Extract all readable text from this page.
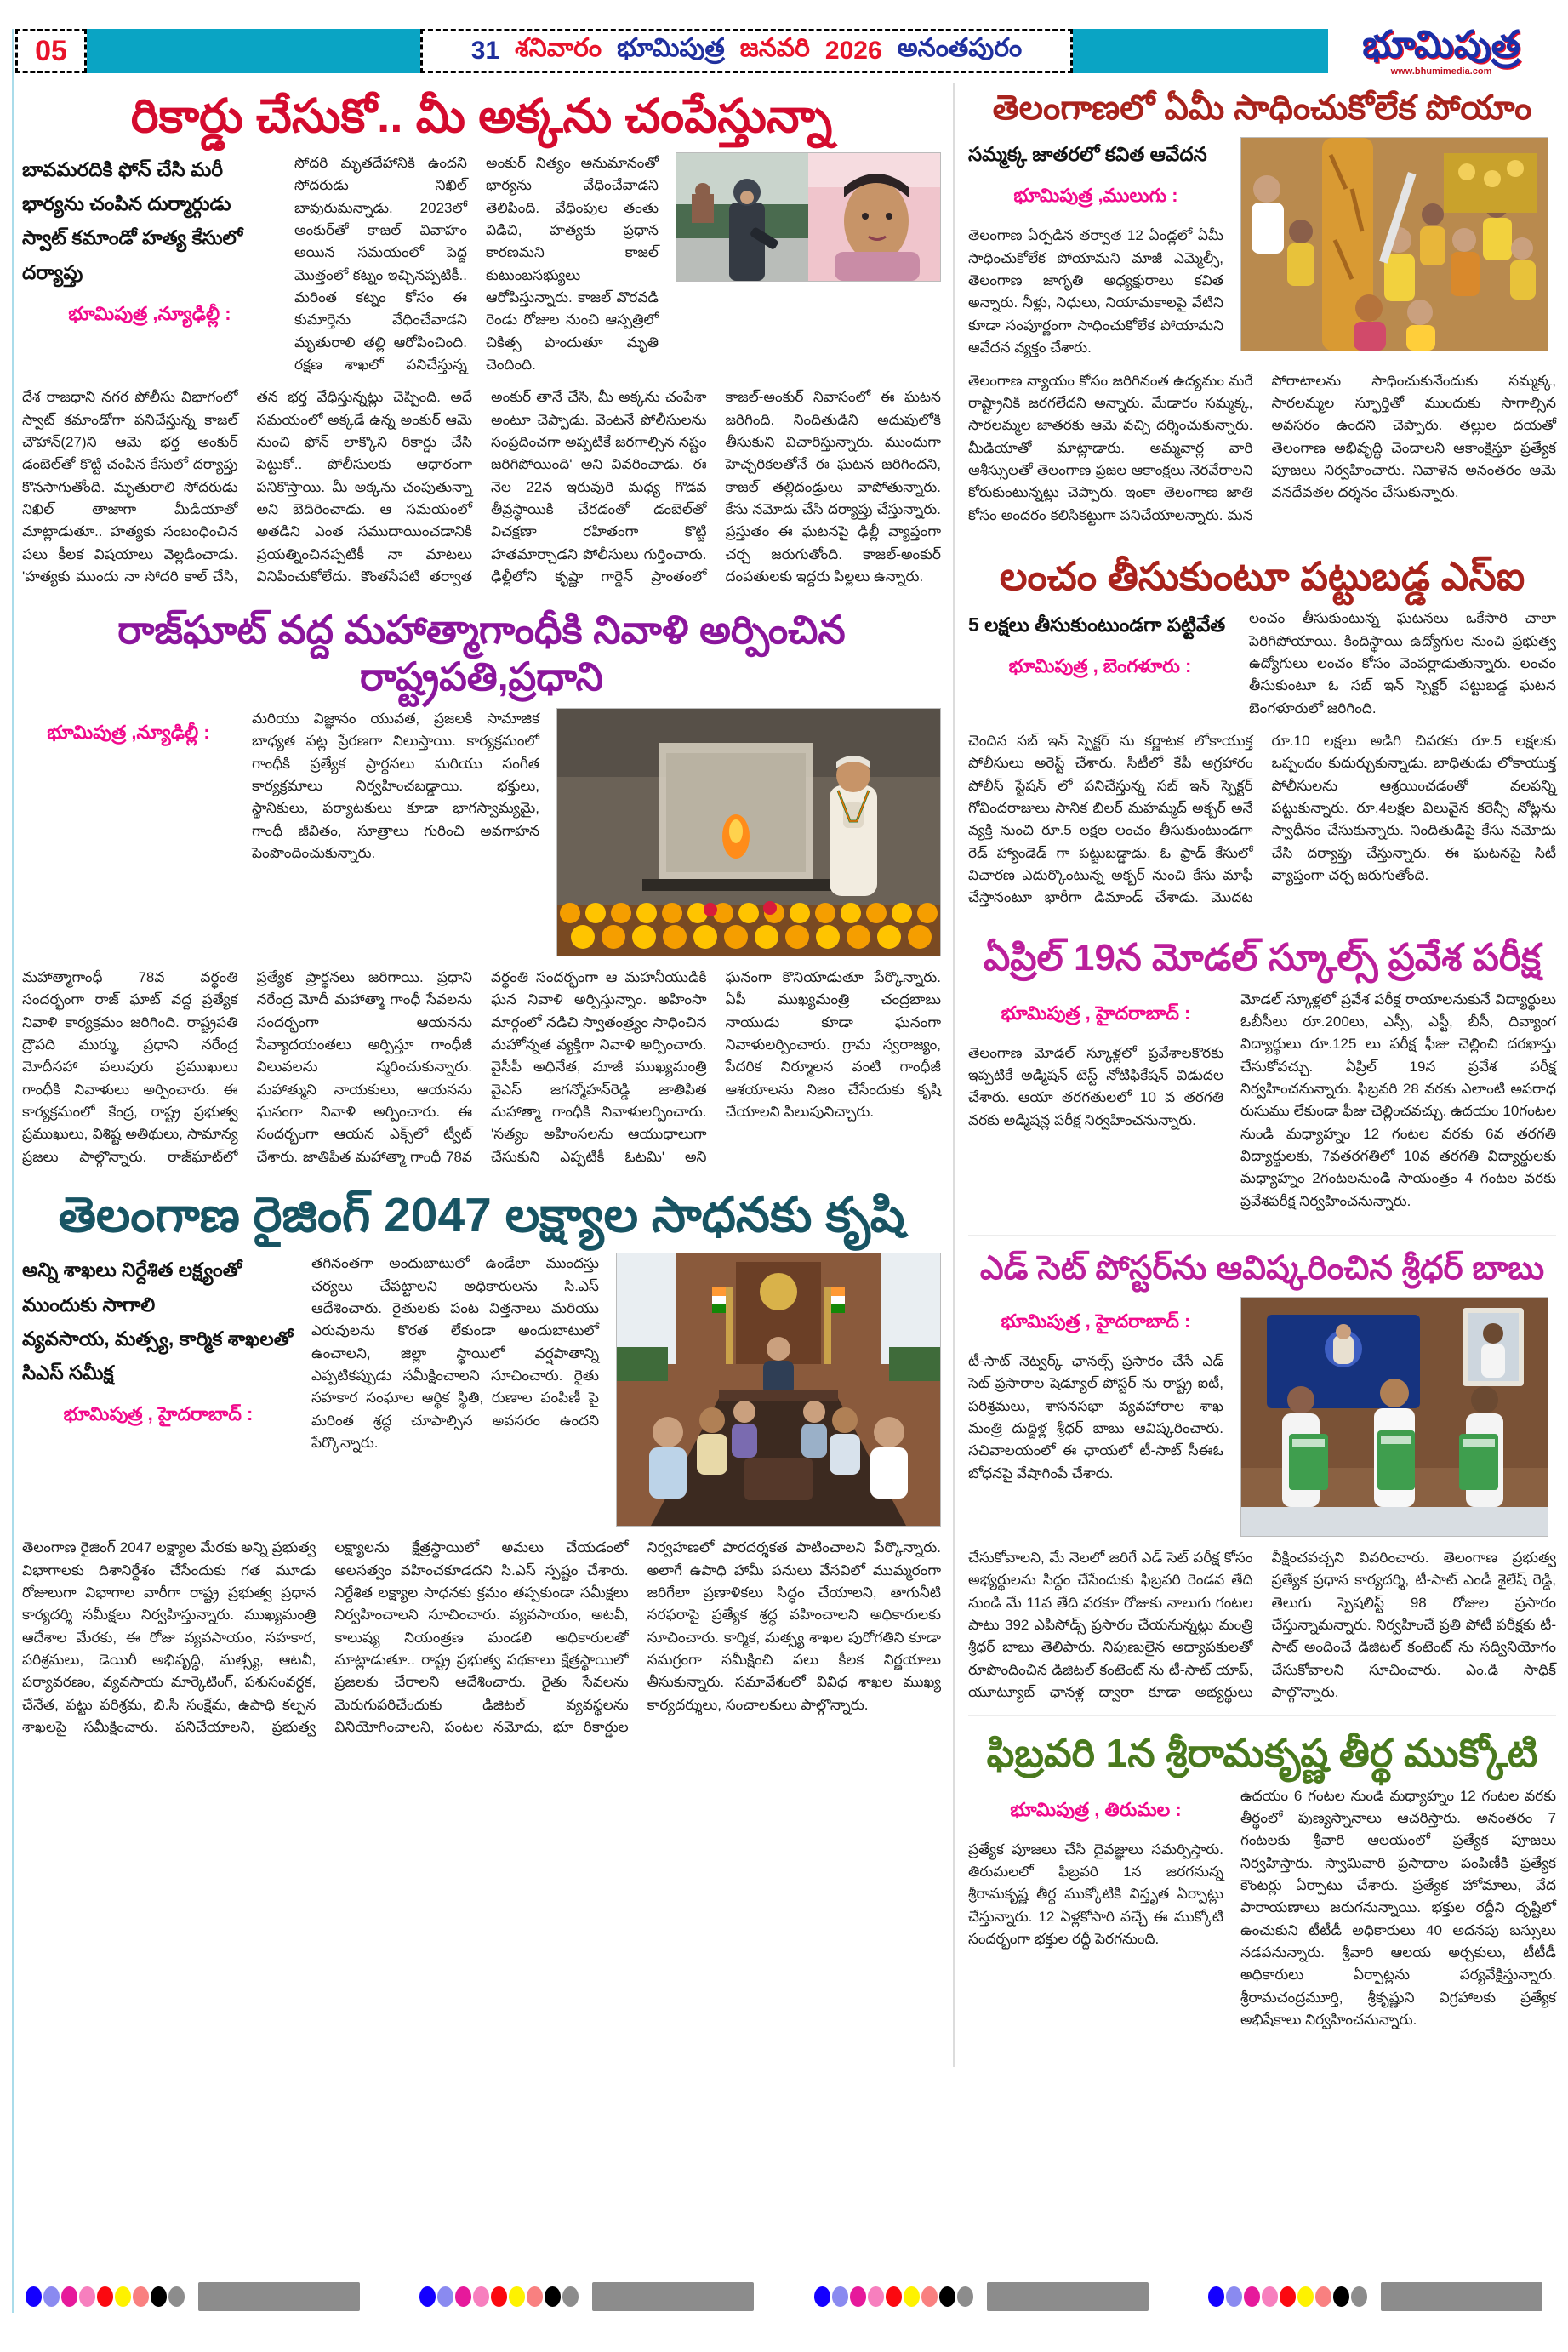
05	31 శనివారం భూమిపుత్ర జనవరి 2026 అనంతపురం	భూమిపుత్ర
www.bhumimedia.com
రికార్డు చేసుకో.. మీ అక్కను చంపేస్తున్నా
బావమరదికి ఫోన్ చేసి మరీ భార్యను చంపిన దుర్మార్గుడు
స్వాట్ కమాండో హత్య కేసులో దర్యాప్తు
భూమిపుత్ర ,న్యూఢిల్లీ :
సోదరి మృతదేహానికి ఉందని సోదరుడు నిఖిల్ బావురుమన్నాడు. 2023లో అంకుర్‌తో కాజల్ వివాహం అయిన సమయంలో పెద్ద మొత్తంలో కట్నం ఇచ్చినప్పటికీ.. మరింత కట్నం కోసం ఈ కుమార్తెను వేధించేవాడని మృతురాలి తల్లి ఆరోపించింది. రక్షణ శాఖలో పనిచేస్తున్న అంకుర్ నిత్యం అనుమానంతో భార్యను వేధించేవాడని తెలిపింది. వేధింపుల తంతు విడిచి, హత్యకు ప్రధాన కారణమని కాజల్ కుటుంబసభ్యులు ఆరోపిస్తున్నారు. కాజల్ వొరవడి రెండు రోజుల నుంచి ఆస్పత్రిలో చికిత్స పొందుతూ మృతి చెందింది.
దేశ రాజధాని నగర పోలీసు విభాగంలో స్వాట్ కమాండోగా పనిచేస్తున్న కాజల్ చౌహాన్(27)ని ఆమె భర్త అంకుర్ డంబెల్‌తో కొట్టి చంపిన కేసులో దర్యాప్తు కొనసాగుతోంది. మృతురాలి సోదరుడు నిఖిల్ తాజాగా మీడియాతో మాట్లాడుతూ.. హత్యకు సంబంధించిన పలు కీలక విషయాలు వెల్లడించాడు. 'హత్యకు ముందు నా సోదరి కాల్ చేసి, తన భర్త వేధిస్తున్నట్లు చెప్పింది. అదే సమయంలో అక్కడే ఉన్న అంకుర్ ఆమె నుంచి ఫోన్ లాక్కొని రికార్డు చేసి పెట్టుకో.. పోలీసులకు ఆధారంగా పనికొస్తాయి. మీ అక్కను చంపుతున్నా అని బెదిరించాడు. ఆ సమయంలో అతడిని ఎంత సముదాయించడానికి ప్రయత్నించినప్పటికీ నా మాటలు వినిపించుకోలేదు. కొంతసేపటి తర్వాత అంకుర్ తానే చేసి, మీ అక్కను చంపేశా అంటూ చెప్పాడు. వెంటనే పోలీసులను సంప్రదించగా అప్పటికే జరగాల్సిన నష్టం జరిగిపోయింది' అని వివరించాడు. ఈ నెల 22న ఇరువురి మధ్య గొడవ తీవ్రస్థాయికి చేరడంతో డంబెల్‌తో విచక్షణా రహితంగా కొట్టి హతమార్చాడని పోలీసులు గుర్తించారు. ఢిల్లీలోని కృష్ణా గార్డెన్ ప్రాంతంలో కాజల్-అంకుర్ నివాసంలో ఈ ఘటన జరిగింది. నిందితుడిని అదుపులోకి తీసుకుని విచారిస్తున్నారు. ముందుగా హెచ్చరికలతోనే ఈ ఘటన జరిగిందని, కాజల్ తల్లిదండ్రులు వాపోతున్నారు. కేసు నమోదు చేసి దర్యాప్తు చేస్తున్నారు. ప్రస్తుతం ఈ ఘటనపై ఢిల్లీ వ్యాప్తంగా చర్చ జరుగుతోంది. కాజల్-అంకుర్ దంపతులకు ఇద్దరు పిల్లలు ఉన్నారు.
రాజ్‌ఘాట్ వద్ద మహాత్మాగాంధీకి నివాళి అర్పించిన రాష్ట్రపతి,ప్రధాని
భూమిపుత్ర ,న్యూఢిల్లీ :
మరియు విజ్ఞానం యువత, ప్రజలకి సామాజిక బాధ్యత పట్ల ప్రేరణగా నిలుస్తాయి. కార్యక్రమంలో గాంధీకి ప్రత్యేక ప్రార్థనలు మరియు సంగీత కార్యక్రమాలు నిర్వహించబడ్డాయి. భక్తులు, స్థానికులు, పర్యాటకులు కూడా భాగస్వామ్యమై, గాంధీ జీవితం, సూత్రాలు గురించి అవగాహన పెంపొందించుకున్నారు.
మహాత్మాగాంధీ 78వ వర్ధంతి సందర్భంగా రాజ్ ఘాట్ వద్ద ప్రత్యేక నివాళి కార్యక్రమం జరిగింది. రాష్ట్రపతి ద్రౌపది ముర్ము, ప్రధాని నరేంద్ర మోదీసహా పలువురు ప్రముఖులు గాంధీకి నివాళులు అర్పించారు. ఈ కార్యక్రమంలో కేంద్ర, రాష్ట్ర ప్రభుత్వ ప్రముఖులు, విశిష్ట అతిథులు, సామాన్య ప్రజలు పాల్గొన్నారు. రాజ్‌ఘాట్‌లో ప్రత్యేక ప్రార్థనలు జరిగాయి. ప్రధాని నరేంద్ర మోదీ మహాత్మా గాంధీ సేవలను సందర్భంగా ఆయనను సేవ్యాదయంతలు అర్పిస్తూ గాంధీజీ విలువలను స్మరించుకున్నారు. మహాత్ముని నాయకులు, ఆయనను ఘనంగా నివాళి అర్పించారు. ఈ సందర్భంగా ఆయన ఎక్స్‌లో ట్వీట్ చేశారు. జాతిపిత మహాత్మా గాంధీ 78వ వర్ధంతి సందర్భంగా ఆ మహనీయుడికి ఘన నివాళి అర్పిస్తున్నాం. అహింసా మార్గంలో నడిచి స్వాతంత్ర్యం సాధించిన మహోన్నత వ్యక్తిగా నివాళి అర్పించారు. వైసీపీ అధినేత, మాజీ ముఖ్యమంత్రి వైఎస్ జగన్మోహన్‌రెడ్డి జాతిపిత మహాత్మా గాంధీకి నివాళులర్పించారు. 'సత్యం అహింసలను ఆయుధాలుగా చేసుకుని ఎప్పటికీ ఓటమి' అని ఘనంగా కొనియాడుతూ పేర్కొన్నారు. ఏపీ ముఖ్యమంత్రి చంద్రబాబు నాయుడు కూడా ఘనంగా నివాళులర్పించారు. గ్రామ స్వరాజ్యం, పేదరిక నిర్మూలన వంటి గాంధీజీ ఆశయాలను నిజం చేసేందుకు కృషి చేయాలని పిలుపునిచ్చారు.
తెలంగాణ రైజింగ్ 2047 లక్ష్యాల సాధనకు కృషి
అన్ని శాఖలు నిర్దేశిత లక్ష్యంతో ముందుకు సాగాలి
వ్యవసాయ, మత్స్య, కార్మిక శాఖలతో సిఎస్ సమీక్ష
భూమిపుత్ర , హైదరాబాద్ :
తగినంతగా అందుబాటులో ఉండేలా ముందస్తు చర్యలు చేపట్టాలని అధికారులను సి.ఎస్ ఆదేశించారు. రైతులకు పంట విత్తనాలు మరియు ఎరువులను కొరత లేకుండా అందుబాటులో ఉంచాలని, జిల్లా స్థాయిలో వర్షపాతాన్ని ఎప్పటికప్పుడు సమీక్షించాలని సూచించారు. రైతు సహకార సంఘాల ఆర్థిక స్థితి, రుణాల పంపిణీ పై మరింత శ్రద్ధ చూపాల్సిన అవసరం ఉందని పేర్కొన్నారు.
తెలంగాణ రైజింగ్ 2047 లక్ష్యాల మేరకు అన్ని ప్రభుత్వ విభాగాలకు దిశానిర్దేశం చేసేందుకు గత మూడు రోజులుగా విభాగాల వారీగా రాష్ట్ర ప్రభుత్వ ప్రధాన కార్యదర్శి సమీక్షలు నిర్వహిస్తున్నారు. ముఖ్యమంత్రి ఆదేశాల మేరకు, ఈ రోజు వ్యవసాయం, సహకార, పరిశ్రమలు, డెయిరీ అభివృద్ధి, మత్స్య, ఆటవీ, పర్యావరణం, వ్యవసాయ మార్కెటింగ్, పశుసంవర్ధక, చేనేత, పట్టు పరిశ్రమ, బి.సి సంక్షేమ, ఉపాధి కల్పన శాఖలపై సమీక్షించారు. పనిచేయాలని, ప్రభుత్వ లక్ష్యాలను క్షేత్రస్థాయిలో అమలు చేయడంలో అలసత్వం వహించకూడదని సి.ఎస్ స్పష్టం చేశారు. నిర్దేశిత లక్ష్యాల సాధనకు క్రమం తప్పకుండా సమీక్షలు నిర్వహించాలని సూచించారు. వ్యవసాయం, అటవీ, కాలుష్య నియంత్రణ మండలి అధికారులతో మాట్లాడుతూ.. రాష్ట్ర ప్రభుత్వ పథకాలు క్షేత్రస్థాయిలో ప్రజలకు చేరాలని ఆదేశించారు. రైతు సేవలను మెరుగుపరిచేందుకు డిజిటల్ వ్యవస్థలను వినియోగించాలని, పంటల నమోదు, భూ రికార్డుల నిర్వహణలో పారదర్శకత పాటించాలని పేర్కొన్నారు. అలాగే ఉపాధి హామీ పనులు వేసవిలో ముమ్మరంగా జరిగేలా ప్రణాళికలు సిద్ధం చేయాలని, తాగునీటి సరఫరాపై ప్రత్యేక శ్రద్ధ వహించాలని అధికారులకు సూచించారు. కార్మిక, మత్స్య శాఖల పురోగతిని కూడా సమగ్రంగా సమీక్షించి పలు కీలక నిర్ణయాలు తీసుకున్నారు. సమావేశంలో వివిధ శాఖల ముఖ్య కార్యదర్శులు, సంచాలకులు పాల్గొన్నారు.
తెలంగాణలో ఏమీ సాధించుకోలేక పోయాం
సమ్మక్క జాతరలో కవిత ఆవేదన
భూమిపుత్ర ,ములుగు :
తెలంగాణ ఏర్పడిన తర్వాత 12 ఏండ్లలో ఏమీ సాధించుకోలేక పోయామని మాజీ ఎమ్మెల్సీ, తెలంగాణ జాగృతి అధ్యక్షురాలు కవిత అన్నారు. నీళ్లు, నిధులు, నియామకాలపై వేటిని కూడా సంపూర్ణంగా సాధించుకోలేక పోయామని ఆవేదన వ్యక్తం చేశారు.
తెలంగాణ న్యాయం కోసం జరిగినంత ఉద్యమం మరే రాష్ట్రానికి జరగలేదని అన్నారు. మేడారం సమ్మక్క, సారలమ్మల జాతరకు ఆమె వచ్చి దర్శించుకున్నారు. మీడియాతో మాట్లాడారు. అమ్మవార్ల వారి ఆశీస్సులతో తెలంగాణ ప్రజల ఆకాంక్షలు నెరవేరాలని కోరుకుంటున్నట్లు చెప్పారు. ఇంకా తెలంగాణ జాతి కోసం అందరం కలిసికట్టుగా పనిచేయాలన్నారు. మన పోరాటాలను సాధించుకునేందుకు సమ్మక్క, సారలమ్మల స్ఫూర్తితో ముందుకు సాగాల్సిన అవసరం ఉందని చెప్పారు. తల్లుల దయతో తెలంగాణ అభివృద్ధి చెందాలని ఆకాంక్షిస్తూ ప్రత్యేక పూజలు నిర్వహించారు. నివాళెన అనంతరం ఆమె వనదేవతల దర్శనం చేసుకున్నారు.
లంచం తీసుకుంటూ పట్టుబడ్డ ఎస్ఐ
5 లక్షలు తీసుకుంటుండగా పట్టివేత
భూమిపుత్ర , బెంగళూరు :
లంచం తీసుకుంటున్న ఘటనలు ఒకేసారి చాలా పెరిగిపోయాయి. కిందిస్థాయి ఉద్యోగుల నుంచి ప్రభుత్వ ఉద్యోగులు లంచం కోసం వెంపర్లాడుతున్నారు. లంచం తీసుకుంటూ ఓ సబ్ ఇన్ స్పెక్టర్ పట్టుబడ్డ ఘటన బెంగళూరులో జరిగింది.
చెందిన సబ్ ఇన్ స్పెక్టర్ ను కర్ణాటక లోకాయుక్త పోలీసులు అరెస్ట్ చేశారు. సిటీలో కేపీ అగ్రహారం పోలీస్ స్టేషన్ లో పనిచేస్తున్న సబ్ ఇన్ స్పెక్టర్ గోవిందరాజులు సానిక బిలర్ మహమ్మద్ అక్బర్ అనే వ్యక్తి నుంచి రూ.5 లక్షల లంచం తీసుకుంటుండగా రెడ్ హ్యాండెడ్ గా పట్టుబడ్డాడు. ఓ ఫ్రాడ్ కేసులో విచారణ ఎదుర్కొంటున్న అక్బర్ నుంచి కేసు మాఫీ చేస్తానంటూ భారీగా డిమాండ్ చేశాడు. మొదట రూ.10 లక్షలు అడిగి చివరకు రూ.5 లక్షలకు ఒప్పందం కుదుర్చుకున్నాడు. బాధితుడు లోకాయుక్త పోలీసులను ఆశ్రయించడంతో వలపన్ని పట్టుకున్నారు. రూ.4లక్షల విలువైన కరెన్సీ నోట్లను స్వాధీనం చేసుకున్నారు. నిందితుడిపై కేసు నమోదు చేసి దర్యాప్తు చేస్తున్నారు. ఈ ఘటనపై సిటీ వ్యాప్తంగా చర్చ జరుగుతోంది.
ఏప్రిల్ 19న మోడల్ స్కూల్స్ ప్రవేశ పరీక్ష
భూమిపుత్ర , హైదరాబాద్ :
తెలంగాణ మోడల్ స్కూళ్లలో ప్రవేశాలకొరకు ఇప్పటికే అడ్మిషన్ టెస్ట్ నోటిఫికేషన్ విడుదల చేశారు. ఆయా తరగతులలో 10 వ తరగతి వరకు అడ్మిషన్ల పరీక్ష నిర్వహించనున్నారు.
మోడల్ స్కూళ్లలో ప్రవేశ పరీక్ష రాయాలనుకునే విద్యార్థులు ఓబీసీలు రూ.200లు, ఎస్సీ, ఎస్టీ, బీసీ, దివ్యాంగ విద్యార్థులు రూ.125 లు పరీక్ష ఫీజు చెల్లించి దరఖాస్తు చేసుకోవచ్చు. ఏప్రిల్ 19న ప్రవేశ పరీక్ష నిర్వహించనున్నారు. ఫిబ్రవరి 28 వరకు ఎలాంటి అపరాధ రుసుము లేకుండా ఫీజు చెల్లించవచ్చు. ఉదయం 10గంటల నుండి మధ్యాహ్నం 12 గంటల వరకు 6వ తరగతి విద్యార్థులకు, 7వతరగతిలో 10వ తరగతి విద్యార్థులకు మధ్యాహ్నం 2గంటలనుండి సాయంత్రం 4 గంటల వరకు ప్రవేశపరీక్ష నిర్వహించనున్నారు.
ఎడ్ సెట్ పోస్టర్‌ను ఆవిష్కరించిన శ్రీధర్ బాబు
భూమిపుత్ర , హైదరాబాద్ :
టీ-సాట్ నెట్వర్క్ ఛానల్స్ ప్రసారం చేసే ఎడ్ సెట్ ప్రసారాల షెడ్యూల్ పోస్టర్ ను రాష్ట్ర ఐటీ, పరిశ్రమలు, శాసనసభా వ్యవహారాల శాఖ మంత్రి దుద్దిళ్ల శ్రీధర్ బాబు ఆవిష్కరించారు. సచివాలయంలో ఈ ఛాయలో టీ-సాట్ సీఈఓ బోధనపై వేషాగింపే చేశారు.
చేసుకోవాలని, మే నెలలో జరిగే ఎడ్ సెట్ పరీక్ష కోసం అభ్యర్థులను సిద్ధం చేసేందుకు ఫిబ్రవరి రెండవ తేది నుండి మే 11వ తేది వరకూ రోజుకు నాలుగు గంటల పాటు 392 ఎపిసోడ్స్ ప్రసారం చేయనున్నట్లు మంత్రి శ్రీధర్ బాబు తెలిపారు. నిపుణులైన అధ్యాపకులతో రూపొందించిన డిజిటల్ కంటెంట్ ను టీ-సాట్ యాప్, యూట్యూబ్ ఛానళ్ల ద్వారా కూడా అభ్యర్థులు వీక్షించవచ్చని వివరించారు. తెలంగాణ ప్రభుత్వ ప్రత్యేక ప్రధాన కార్యదర్శి, టీ-సాట్ ఎండీ శైలేష్ రెడ్డి, తెలుగు స్పెషలిస్ట్ 98 రోజుల ప్రసారం చేస్తున్నామన్నారు. నిర్వహించే ప్రతి పోటీ పరీక్షకు టీ-సాట్ అందించే డిజిటల్ కంటెంట్ ను సద్వినియోగం చేసుకోవాలని సూచించారు. ఎం.డి సాధిక్ పాల్గొన్నారు.
ఫిబ్రవరి 1న శ్రీరామకృష్ణ తీర్థ ముక్కోటి
భూమిపుత్ర , తిరుమల :
ప్రత్యేక పూజలు చేసి దైవజ్ఞులు సమర్పిస్తారు. తిరుమలలో ఫిబ్రవరి 1న జరగనున్న శ్రీరామకృష్ణ తీర్థ ముక్కోటికి విస్తృత ఏర్పాట్లు చేస్తున్నారు. 12 ఏళ్లకోసారి వచ్చే ఈ ముక్కోటి సందర్భంగా భక్తుల రద్దీ పెరగనుంది.
ఉదయం 6 గంటల నుండి మధ్యాహ్నం 12 గంటల వరకు తీర్థంలో పుణ్యస్నానాలు ఆచరిస్తారు. అనంతరం 7 గంటలకు శ్రీవారి ఆలయంలో ప్రత్యేక పూజలు నిర్వహిస్తారు. స్వామివారి ప్రసాదాల పంపిణీకి ప్రత్యేక కౌంటర్లు ఏర్పాటు చేశారు. ప్రత్యేక హోమాలు, వేద పారాయణాలు జరుగనున్నాయి. భక్తుల రద్దీని దృష్టిలో ఉంచుకుని టీటీడీ అధికారులు 40 అదనపు బస్సులు నడపనున్నారు. శ్రీవారి ఆలయ అర్చకులు, టీటీడీ అధికారులు ఏర్పాట్లను పర్యవేక్షిస్తున్నారు. శ్రీరామచంద్రమూర్తి, శ్రీకృష్ణుని విగ్రహాలకు ప్రత్యేక అభిషేకాలు నిర్వహించనున్నారు.
